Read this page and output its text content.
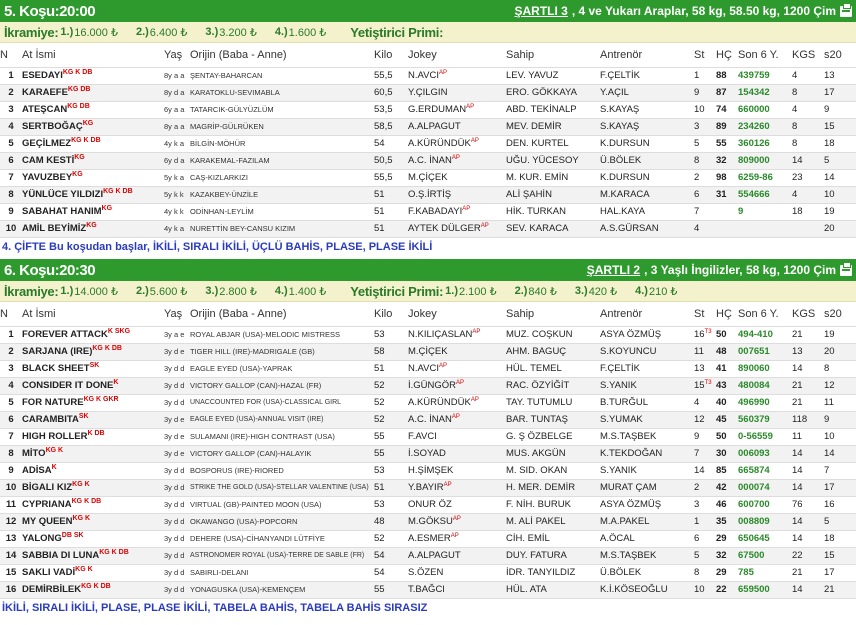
5. Koşu:20:00	ŞARTLI 3 , 4 ve Yukarı Araplar, 58 kg, 58.50 kg, 1200 Çim
İkramiye: 1.) 16.000 ₺ 2.) 6.400 ₺ 3.) 3.200 ₺ 4.) 1.600 ₺ Yetiştirici Primi:
N	At İsmi	Yaş	Orijin (Baba - Anne)	Kilo	Jokey	Sahip	Antrenör	St	HÇ	Son 6 Y.	KGS	s20
1	$ESEDAYI^{KG K DB}$	8y a a	ŞENTAY-BAHARCAN	55,5	$N.AVCI^{AP}$	LEV. YAVUZ	F.ÇELTİK	1	88	439759	4	13
2	$KARAEFE^{KG DB}$	8y d a	KARATOKLU-SEVIMABLA	60,5	Y.ÇILGIN	ERO. GÖKKAYA	Y.AÇIL	9	87	154342	8	17
3	$ATEŞCAN^{KG DB}$	6y a a	TATARCIK-GÜLYÜZLÜM	53,5	$G.ERDUMAN^{AP}$	ABD. TEKİNALP	S.KAYAŞ	10	74	660000	4	9
4	$SERTBOĞAÇ^{KG}$	8y a a	MAGRİP-GÜLRÜKEN	58,5	A.ALPAGUT	MEV. DEMİR	S.KAYAŞ	3	89	234260	8	15
5	$GEÇİLMEZ^{KG K DB}$	4y k a	BİLGİN-MÖHÜR	54	$A.KÜRÜNDÜK^{AP}$	DEN. KURTEL	K.DURSUN	5	55	360126	8	18
6	CAM $KESTİ^{KG}$	6y d a	KARAKEMAL-FAZILAM	50,5	A.C. $İNAN^{AP}$	UĞU. YÜCESOY	Ü.BÖLEK	8	32	809000	14	5
7	$YAVUZBEY^{KG}$	5y k a	CAŞ-KIZLARKIZI	55,5	M.ÇİÇEK	M. KUR. EMİN	K.DURSUN	2	98	6259-86	23	14
8	YÜNLÜCE $YILDIZI^{KG K DB}$	5y k k	KAZAKBEY-ÜNZİLE	51	O.Ş.İRTİŞ	ALİ ŞAHİN	M.KARACA	6	31	554666	4	10
9	SABAHAT $HANIM^{KG}$	4y k k	ODİNHAN-LEYLİM	51	$F.KABADAYI^{AP}$	HİK. TURKAN	HAL.KAYA	7		9	18	19
10	AMİL $BEYİMİZ^{KG}$	4y k a	NURETTİN BEY-CANSU KIZIM	51	AYTEK $DÜLGER^{AP}$	SEV. KARACA	A.S.GÜRSAN	4				20
4. ÇİFTE Bu koşudan başlar, İKİLİ, SIRALI İKİLİ, ÜÇLÜ BAHİS, PLASE, PLASE İKİLİ
6. Koşu:20:30	ŞARTLI 2 , 3 Yaşlı İngilizler, 58 kg, 1200 Çim
İkramiye: 1.) 14.000 ₺ 2.) 5.600 ₺ 3.) 2.800 ₺ 4.) 1.400 ₺ Yetiştirici Primi: 1.) 2.100 ₺ 2.) 840 ₺ 3.) 420 ₺ 4.) 210 ₺
N	At İsmi	Yaş	Orijin (Baba - Anne)	Kilo	Jokey	Sahip	Antrenör	St	HÇ	Son 6 Y.	KGS	s20
1	FOREVER $ATTACK^{K SKG}$	3y a e	ROYAL ABJAR (USA)-MELODIC MISTRESS	53	$N.KILIÇASLAN^{AP}$	MUZ. COŞKUN	ASYA ÖZMÜŞ	$16^{T3}$	50	494-410	21	19
2	SARJANA (IRE)$^{KG K DB}$	3y d e	TIGER HILL (IRE)-MADRIGALE (GB)	58	M.ÇİÇEK	AHM. BAGUÇ	S.KOYUNCU	11	48	007651	13	20
3	BLACK $SHEET^{SK}$	3y d d	EAGLE EYED (USA)-YAPRAK	51	$N.AVCI^{AP}$	HÜL. TEMEL	F.ÇELTİK	13	41	890060	14	8
4	CONSIDER IT $DONE^K$	3y d d	VICTORY GALLOP (CAN)-HAZAL (FR)	52	$İ.GÜNGÖR^{AP}$	RAC. ÖZYİĞİT	S.YANIK	$15^{T3}$	43	480084	21	12
5	FOR $NATURE^{KG K GKR}$	3y d d	UNACCOUNTED FOR (USA)-CLASSICAL GIRL	52	$A.KÜRÜNDÜK^{AP}$	TAY. TUTUMLU	B.TURĞUL	4	40	496990	21	11
6	$CARAMBITA^{SK}$	3y d e	EAGLE EYED (USA)-ANNUAL VISIT (IRE)	52	A.C. $İNAN^{AP}$	BAR. TUNTAŞ	S.YUMAK	12	45	560379	118	9
7	HIGH $ROLLER^{K DB}$	3y d e	SULAMANI (IRE)-HIGH CONTRAST (USA)	55	F.AVCI	G. Ş ÖZBELGE	M.S.TAŞBEK	9	50	0-56559	11	10
8	$MİTO^{KG K}$	3y d e	VICTORY GALLOP (CAN)-HALAYIK	55	İ.SOYAD	MUS. AKGÜN	K.TEKDOĞAN	7	30	006093	14	14
9	$ADİSA^K$	3y d d	BOSPORUS (IRE)-RIORED	53	H.ŞİMŞEK	M. SID. OKAN	S.YANIK	14	85	665874	14	7
10	BİGALI $KIZ^{KG K}$	3y d d	STRIKE THE GOLD (USA)-STELLAR VALENTINE (USA)	51	$Y.BAYIR^{AP}$	H. MER. DEMİR	MURAT ÇAM	2	42	000074	14	17
11	$CYPRIANA^{KG K DB}$	3y d d	VIRTUAL (GB)-PAINTED MOON (USA)	53	ONUR ÖZ	F. NİH. BURUK	ASYA ÖZMÜŞ	3	46	600700	76	16
12	MY $QUEEN^{KG K}$	3y d d	OKAWANGO (USA)-POPCORN	48	$M.GÖKSU^{AP}$	M. ALİ PAKEL	M.A.PAKEL	1	35	008809	14	5
13	$YALONG^{DB SK}$	3y d d	DEHERE (USA)-CİHANYANDI LÜTFİYE	52	$A.ESMER^{AP}$	CİH. EMİL	A.ÖCAL	6	29	650645	14	18
14	SABBIA DI $LUNA^{KG K DB}$	3y d d	ASTRONOMER ROYAL (USA)-TERRE DE SABLE (FR)	54	A.ALPAGUT	DUY. FATURA	M.S.TAŞBEK	5	32	67500	22	15
15	SAKLI $VADİ^{KG K}$	3y d d	SABIRLI-DELANI	54	S.ÖZEN	İDR. TANYILDIZ	Ü.BÖLEK	8	29	785	21	17
16	$DEMİRBİLEK^{KG K DB}$	3y d d	YONAGUSKA (USA)-KEMENÇEM	55	T.BAĞCI	HÜL. ATA	K.İ.KÖSEOĞLU	10	22	659500	14	21
İKİLİ, SIRALI İKİLİ, PLASE, PLASE İKİLİ, TABELA BAHİS, TABELA BAHİS SIRASIZ
